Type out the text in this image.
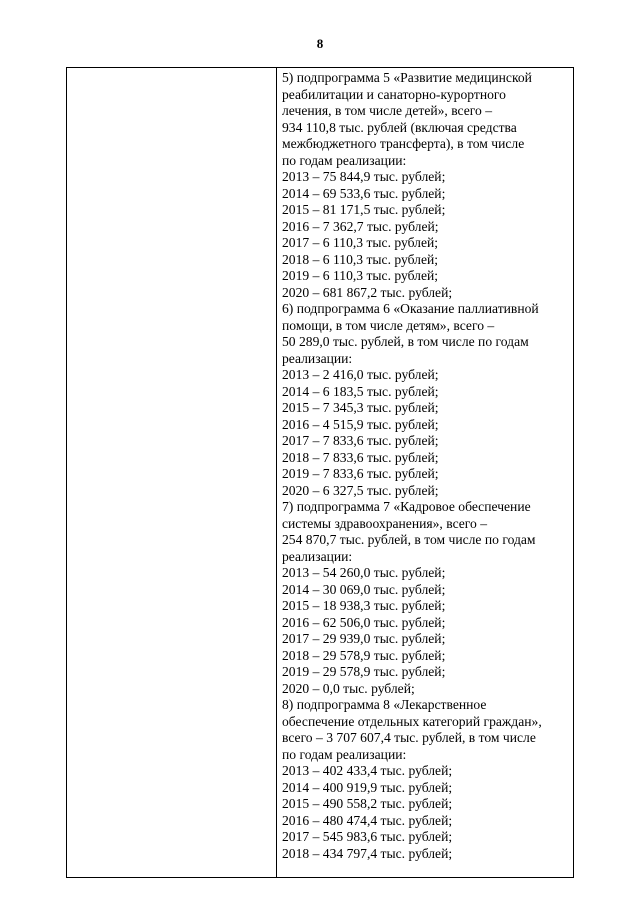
8
5) подпрограмма 5 «Развитие медицинской
реабилитации и санаторно-курортного
лечения, в том числе детей», всего –
934 110,8 тыс. рублей (включая средства
межбюджетного трансферта), в том числе
по годам реализации:
2013 – 75 844,9 тыс. рублей;
2014 – 69 533,6 тыс. рублей;
2015 – 81 171,5 тыс. рублей;
2016 – 7 362,7 тыс. рублей;
2017 – 6 110,3 тыс. рублей;
2018 – 6 110,3 тыс. рублей;
2019 – 6 110,3 тыс. рублей;
2020 – 681 867,2 тыс. рублей;
6) подпрограмма 6 «Оказание паллиативной
помощи, в том числе детям», всего –
50 289,0 тыс. рублей, в том числе по годам
реализации:
2013 – 2 416,0 тыс. рублей;
2014 – 6 183,5 тыс. рублей;
2015 – 7 345,3 тыс. рублей;
2016 – 4 515,9 тыс. рублей;
2017 – 7 833,6 тыс. рублей;
2018 – 7 833,6 тыс. рублей;
2019 – 7 833,6 тыс. рублей;
2020 – 6 327,5 тыс. рублей;
7) подпрограмма 7 «Кадровое обеспечение
системы здравоохранения», всего –
254 870,7 тыс. рублей, в том числе по годам
реализации:
2013 – 54 260,0 тыс. рублей;
2014 – 30 069,0 тыс. рублей;
2015 – 18 938,3 тыс. рублей;
2016 – 62 506,0 тыс. рублей;
2017 – 29 939,0 тыс. рублей;
2018 – 29 578,9 тыс. рублей;
2019 – 29 578,9 тыс. рублей;
2020 – 0,0 тыс. рублей;
8) подпрограмма 8 «Лекарственное
обеспечение отдельных категорий граждан»,
всего – 3 707 607,4 тыс. рублей, в том числе
по годам реализации:
2013 – 402 433,4 тыс. рублей;
2014 – 400 919,9 тыс. рублей;
2015 – 490 558,2 тыс. рублей;
2016 – 480 474,4 тыс. рублей;
2017 – 545 983,6 тыс. рублей;
2018 – 434 797,4 тыс. рублей;
